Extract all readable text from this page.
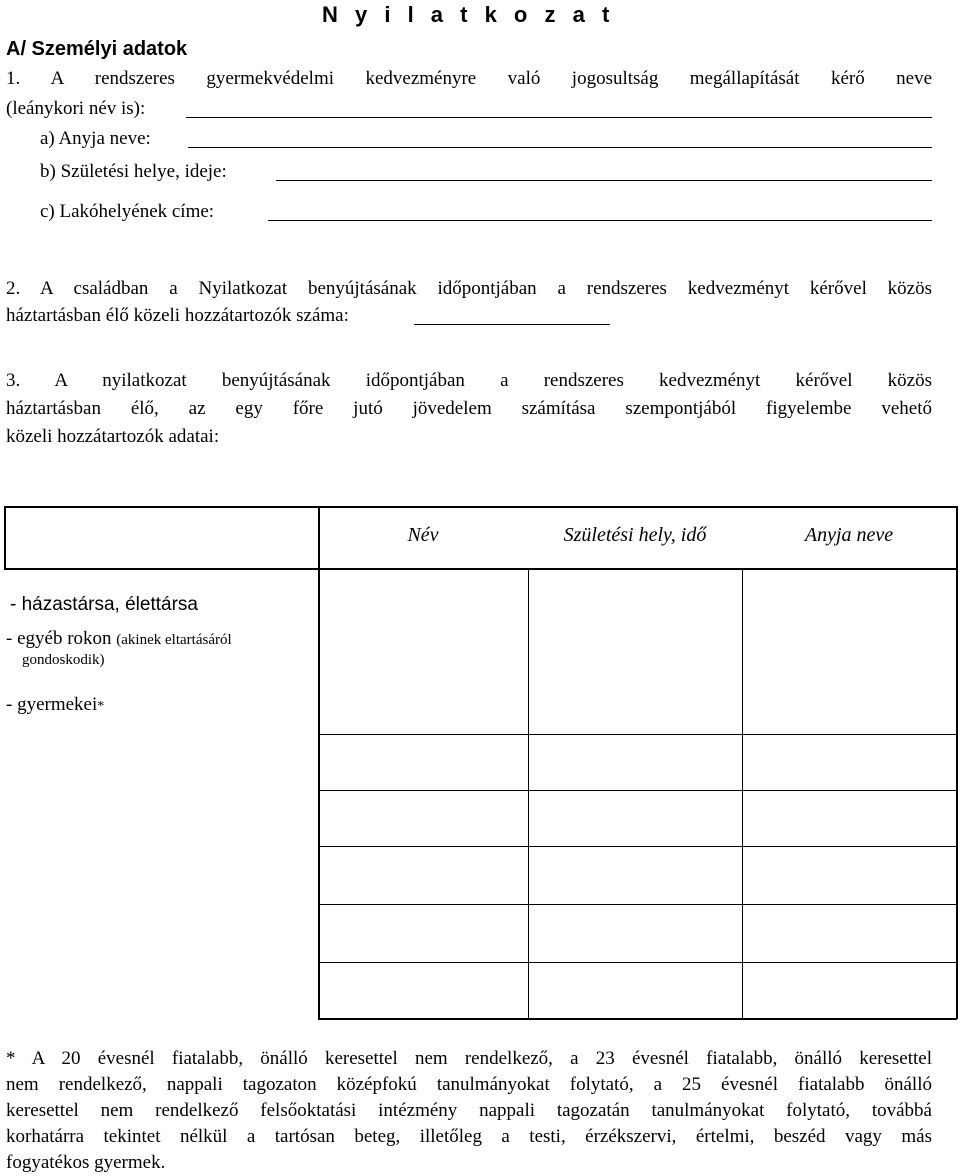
N y i l a t k o z a t
A/ Személyi adatok
1. A rendszeres gyermekvédelmi kedvezményre való jogosultság megállapítását kérő neve
(leánykori név is):
a) Anyja neve:
b) Születési helye, ideje:
c) Lakóhelyének címe:
2. A családban a Nyilatkozat benyújtásának időpontjában a rendszeres kedvezményt kérővel közös
háztartásban élő közeli hozzátartozók száma:
3. A nyilatkozat benyújtásának időpontjában a rendszeres kedvezményt kérővel közös
háztartásban élő, az egy főre jutó jövedelem számítása szempontjából figyelembe vehető
közeli hozzátartozók adatai:
Név	Születési hely, idő	Anyja neve
- házastársa, élettársa
- egyéb rokon (akinek eltartásáról
gondoskodik)
- gyermekei*
* A 20 évesnél fiatalabb, önálló keresettel nem rendelkező, a 23 évesnél fiatalabb, önálló keresettel
nem rendelkező, nappali tagozaton középfokú tanulmányokat folytató, a 25 évesnél fiatalabb önálló
keresettel nem rendelkező felsőoktatási intézmény nappali tagozatán tanulmányokat folytató, továbbá
korhatárra tekintet nélkül a tartósan beteg, illetőleg a testi, érzékszervi, értelmi, beszéd vagy más
fogyatékos gyermek.
